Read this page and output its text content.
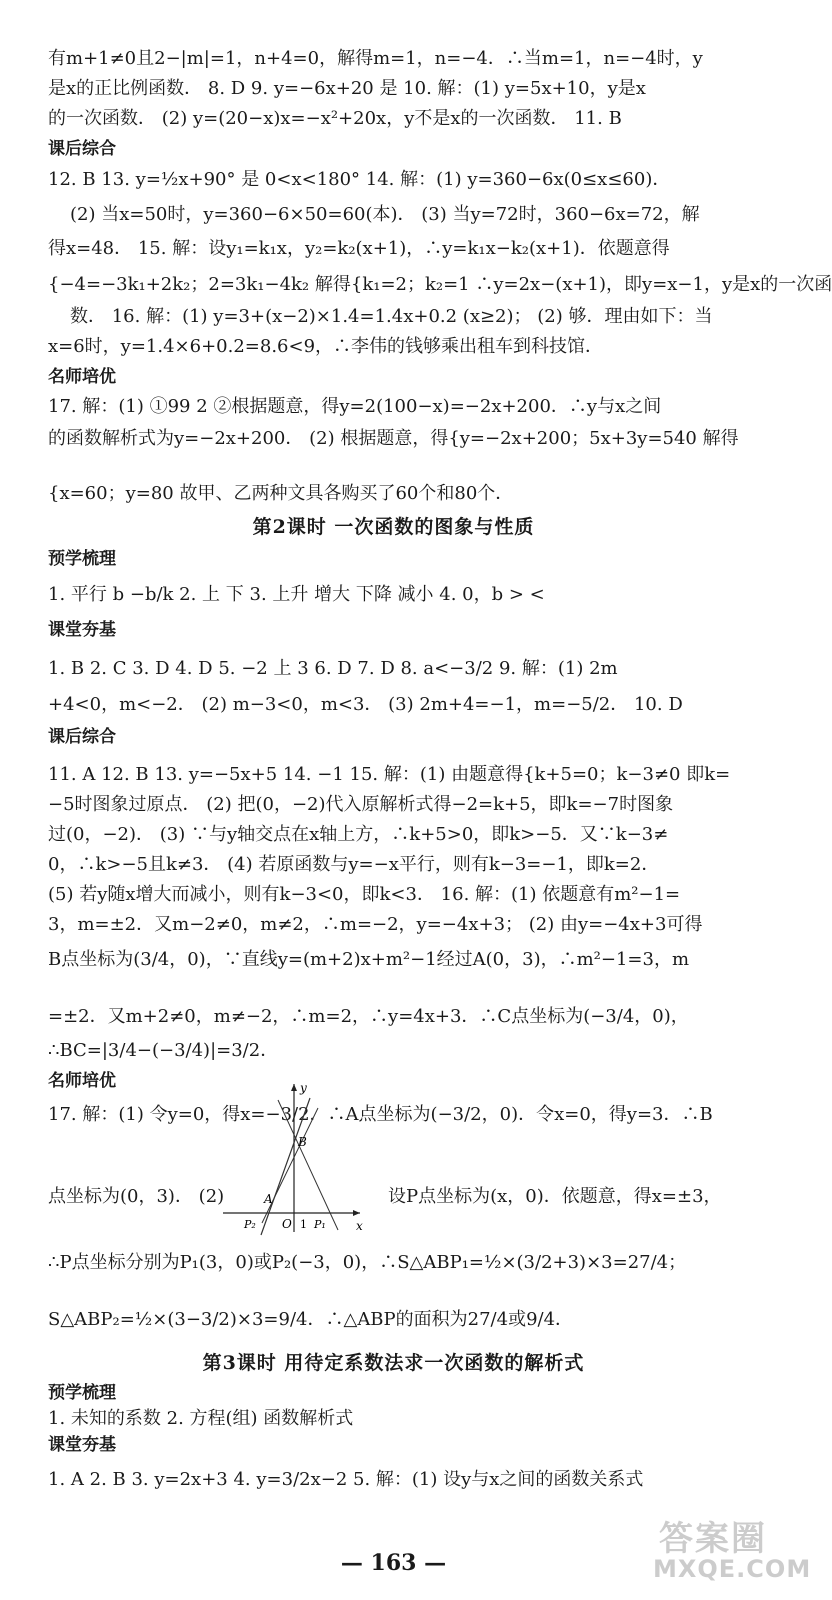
有m+1≠0且2−|m|=1，n+4=0，解得m=1，n=−4．∴当m=1，n=−4时，y
是x的正比例函数． 8. D 9. y=−6x+20 是 10. 解：(1) y=5x+10，y是x
的一次函数． (2) y=(20−x)x=−x²+20x，y不是x的一次函数． 11. B
课后综合
12. B 13. y=½x+90° 是 0<x<180° 14. 解：(1) y=360−6x(0≤x≤60)．
(2) 当x=50时，y=360−6×50=60(本)． (3) 当y=72时，360−6x=72，解
得x=48． 15. 解：设y₁=k₁x，y₂=k₂(x+1)，∴y=k₁x−k₂(x+1)．依题意得
{−4=−3k₁+2k₂；2=3k₁−4k₂ 解得{k₁=2；k₂=1 ∴y=2x−(x+1)，即y=x−1，y是x的一次函
数． 16. 解：(1) y=3+(x−2)×1.4=1.4x+0.2 (x≥2)； (2) 够．理由如下：当
x=6时，y=1.4×6+0.2=8.6<9，∴李伟的钱够乘出租车到科技馆．
名师培优
17. 解：(1) ①99 2 ②根据题意，得y=2(100−x)=−2x+200．∴y与x之间
的函数解析式为y=−2x+200． (2) 根据题意，得{y=−2x+200；5x+3y=540 解得
{x=60；y=80 故甲、乙两种文具各购买了60个和80个．
第2课时 一次函数的图象与性质
预学梳理
1. 平行 b −b/k 2. 上 下 3. 上升 增大 下降 减小 4. 0，b > <
课堂夯基
1. B 2. C 3. D 4. D 5. −2 上 3 6. D 7. D 8. a<−3/2 9. 解：(1) 2m
+4<0，m<−2． (2) m−3<0，m<3． (3) 2m+4=−1，m=−5/2． 10. D
课后综合
11. A 12. B 13. y=−5x+5 14. −1 15. 解：(1) 由题意得{k+5=0；k−3≠0 即k=
−5时图象过原点． (2) 把(0，−2)代入原解析式得−2=k+5，即k=−7时图象
过(0，−2)． (3) ∵与y轴交点在x轴上方，∴k+5>0，即k>−5．又∵k−3≠
0，∴k>−5且k≠3． (4) 若原函数与y=−x平行，则有k−3=−1，即k=2．
(5) 若y随x增大而减小，则有k−3<0，即k<3． 16. 解：(1) 依题意有m²−1=
3，m=±2．又m−2≠0，m≠2，∴m=−2，y=−4x+3； (2) 由y=−4x+3可得
B点坐标为(3/4，0)，∵直线y=(m+2)x+m²−1经过A(0，3)，∴m²−1=3，m
=±2．又m+2≠0，m≠−2，∴m=2，∴y=4x+3．∴C点坐标为(−3/4，0)，
∴BC=|3/4−(−3/4)|=3/2．
名师培优
17. 解：(1) 令y=0，得x=−3/2．∴A点坐标为(−3/2，0)．令x=0，得y=3．∴B
点坐标为(0，3)． (2)	设P点坐标为(x，0)．依题意，得x=±3，
∴P点坐标分别为P₁(3，0)或P₂(−3，0)，∴S△ABP₁=½×(3/2+3)×3=27/4；
S△ABP₂=½×(3−3/2)×3=9/4．∴△ABP的面积为27/4或9/4．
第3课时 用待定系数法求一次函数的解析式
预学梳理
1. 未知的系数 2. 方程(组) 函数解析式
课堂夯基
1. A 2. B 3. y=2x+3 4. y=3/2x−2 5. 解：(1) 设y与x之间的函数关系式
y
x
B
A
O 1 P₁
P₂
— 163 —
答案圈
MXQE.COM
